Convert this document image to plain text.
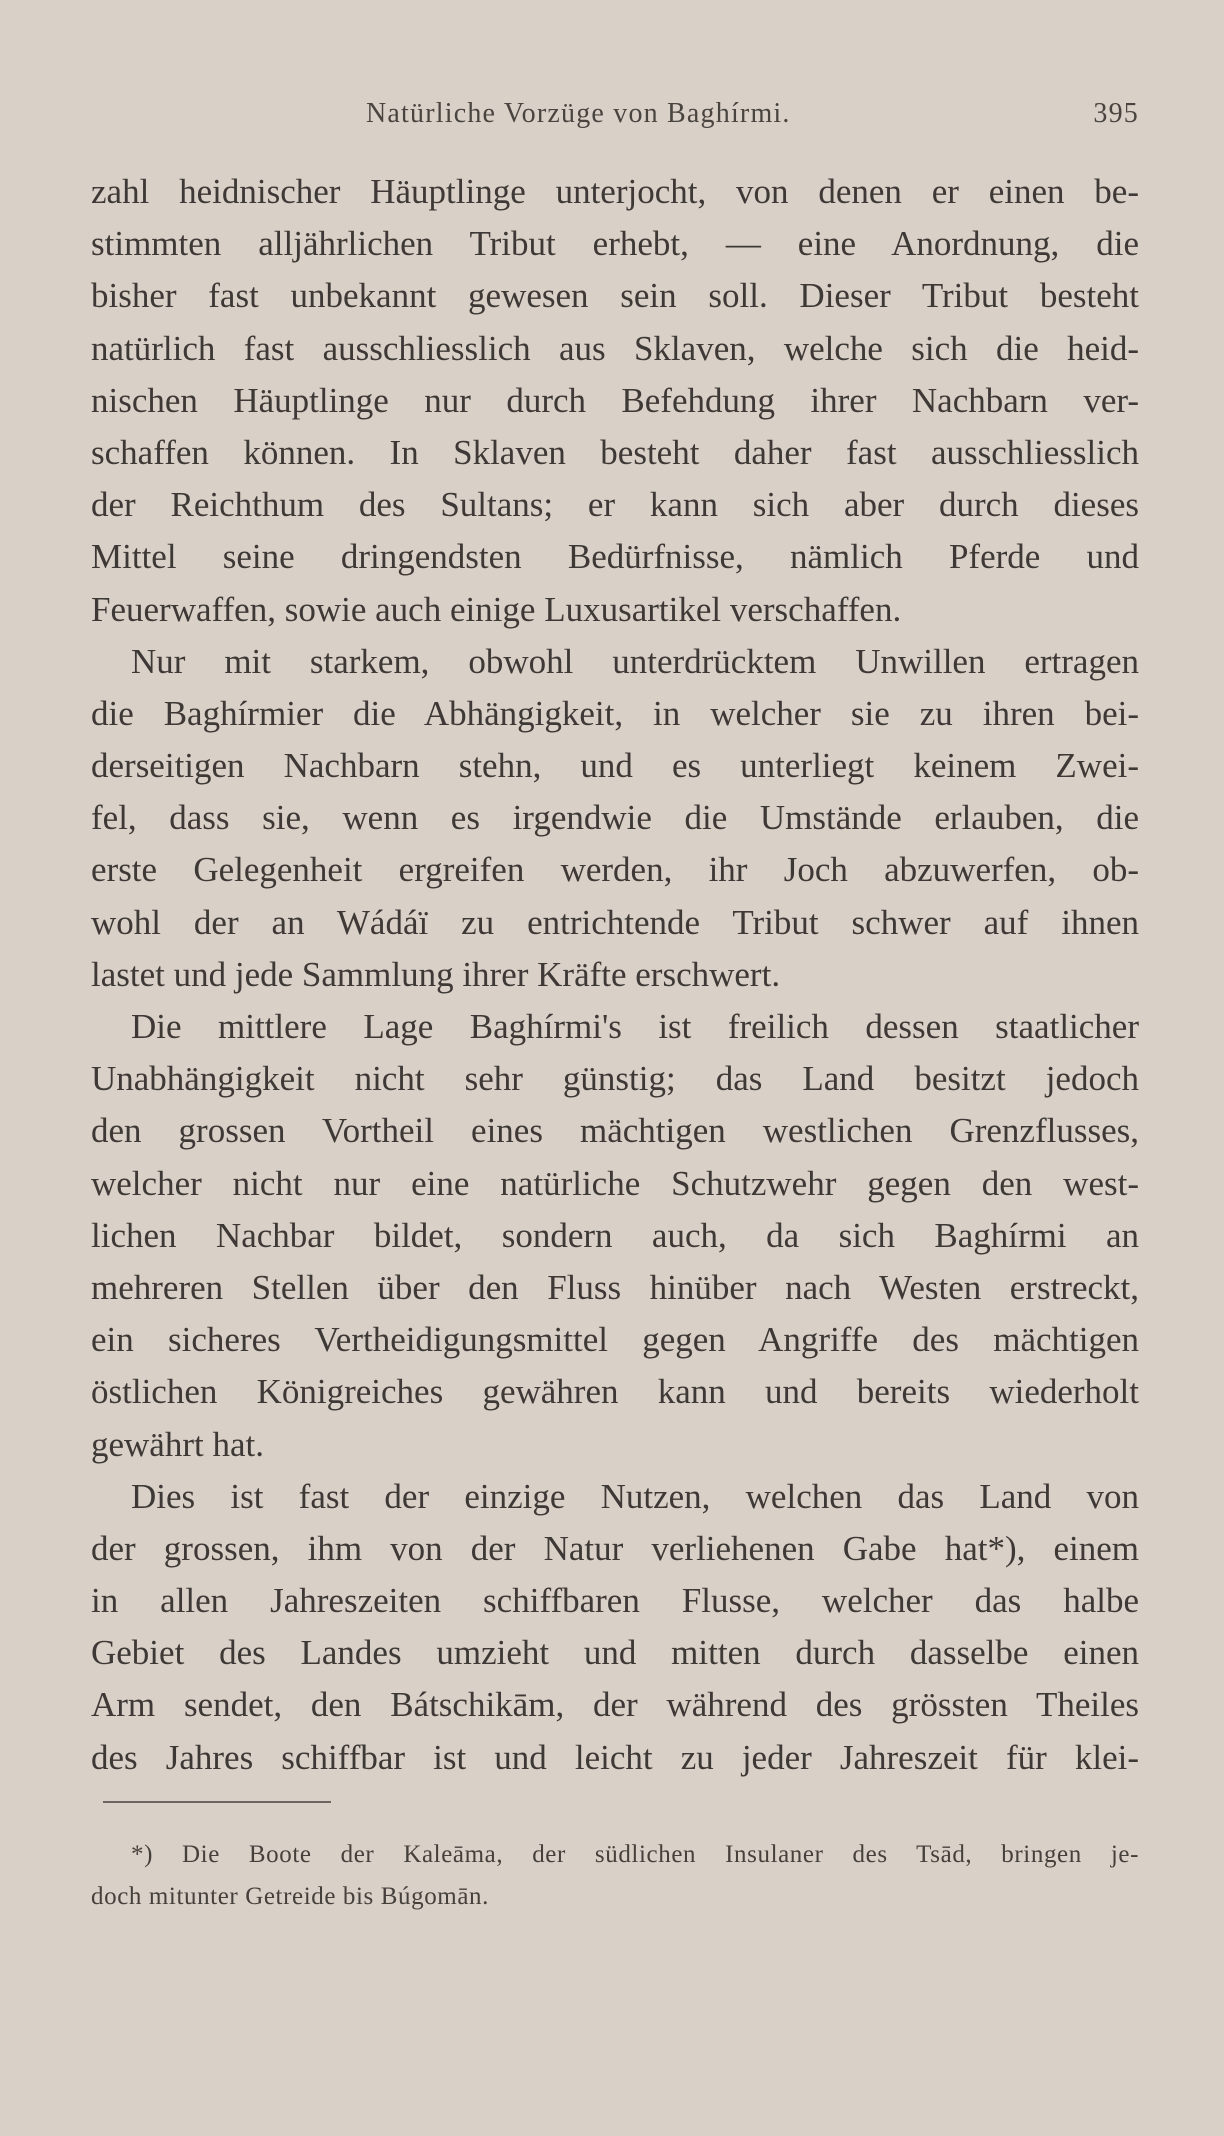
Natürliche Vorzüge von Baghírmi.	395
zahl heidnischer Häuptlinge unterjocht, von denen er einen be-
stimmten alljährlichen Tribut erhebt, — eine Anordnung, die
bisher fast unbekannt gewesen sein soll. Dieser Tribut besteht
natürlich fast ausschliesslich aus Sklaven, welche sich die heid-
nischen Häuptlinge nur durch Befehdung ihrer Nachbarn ver-
schaffen können. In Sklaven besteht daher fast ausschliesslich
der Reichthum des Sultans; er kann sich aber durch dieses
Mittel seine dringendsten Bedürfnisse, nämlich Pferde und
Feuerwaffen, sowie auch einige Luxusartikel verschaffen.
Nur mit starkem, obwohl unterdrücktem Unwillen ertragen
die Baghírmier die Abhängigkeit, in welcher sie zu ihren bei-
derseitigen Nachbarn stehn, und es unterliegt keinem Zwei-
fel, dass sie, wenn es irgendwie die Umstände erlauben, die
erste Gelegenheit ergreifen werden, ihr Joch abzuwerfen, ob-
wohl der an Wádáï zu entrichtende Tribut schwer auf ihnen
lastet und jede Sammlung ihrer Kräfte erschwert.
Die mittlere Lage Baghírmi's ist freilich dessen staatlicher
Unabhängigkeit nicht sehr günstig; das Land besitzt jedoch
den grossen Vortheil eines mächtigen westlichen Grenzflusses,
welcher nicht nur eine natürliche Schutzwehr gegen den west-
lichen Nachbar bildet, sondern auch, da sich Baghírmi an
mehreren Stellen über den Fluss hinüber nach Westen erstreckt,
ein sicheres Vertheidigungsmittel gegen Angriffe des mächtigen
östlichen Königreiches gewähren kann und bereits wiederholt
gewährt hat.
Dies ist fast der einzige Nutzen, welchen das Land von
der grossen, ihm von der Natur verliehenen Gabe hat*), einem
in allen Jahreszeiten schiffbaren Flusse, welcher das halbe
Gebiet des Landes umzieht und mitten durch dasselbe einen
Arm sendet, den Bátschikām, der während des grössten Theiles
des Jahres schiffbar ist und leicht zu jeder Jahreszeit für klei-
*) Die Boote der Kaleāma, der südlichen Insulaner des Tsād, bringen je-
doch mitunter Getreide bis Búgomān.
